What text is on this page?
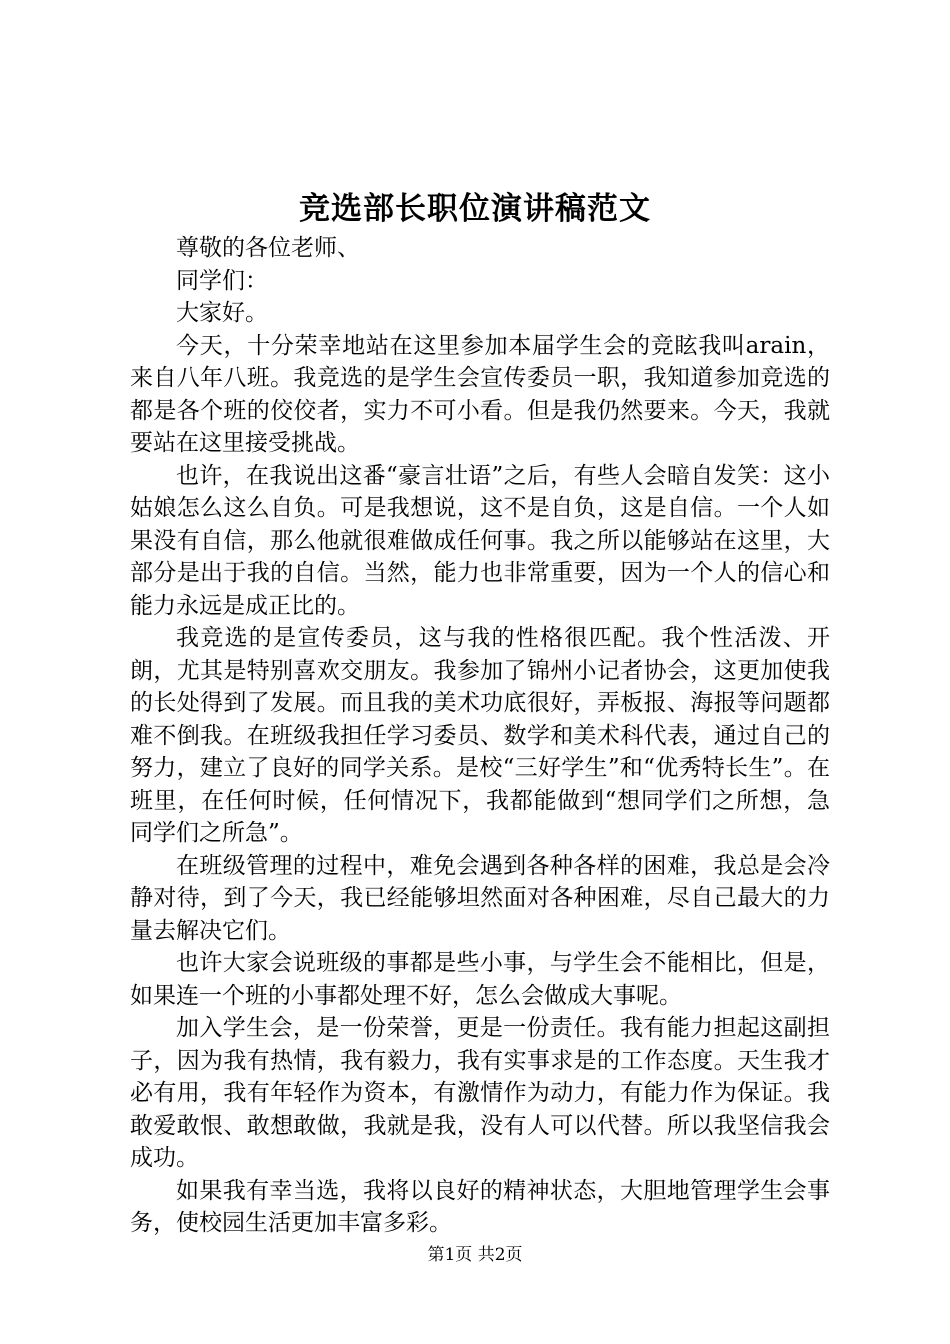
竞选部长职位演讲稿范文

尊敬的各位老师、

同学们：

大家好。

今天，十分荣幸地站在这里参加本届学生会的竞眩我叫arain，来自八年八班。我竞选的是学生会宣传委员一职，我知道参加竞选的都是各个班的佼佼者，实力不可小看。但是我仍然要来。今天，我就要站在这里接受挑战。

也许，在我说出这番“豪言壮语”之后，有些人会暗自发笑：这小姑娘怎么这么自负。可是我想说，这不是自负，这是自信。一个人如果没有自信，那么他就很难做成任何事。我之所以能够站在这里，大部分是出于我的自信。当然，能力也非常重要，因为一个人的信心和能力永远是成正比的。

我竞选的是宣传委员，这与我的性格很匹配。我个性活泼、开朗，尤其是特别喜欢交朋友。我参加了锦州小记者协会，这更加使我的长处得到了发展。而且我的美术功底很好，弄板报、海报等问题都难不倒我。在班级我担任学习委员、数学和美术科代表，通过自己的努力，建立了良好的同学关系。是校“三好学生”和“优秀特长生”。在班里，在任何时候，任何情况下，我都能做到“想同学们之所想，急同学们之所急”。

在班级管理的过程中，难免会遇到各种各样的困难，我总是会冷静对待，到了今天，我已经能够坦然面对各种困难，尽自己最大的力量去解决它们。

也许大家会说班级的事都是些小事，与学生会不能相比，但是，如果连一个班的小事都处理不好，怎么会做成大事呢。

加入学生会，是一份荣誉，更是一份责任。我有能力担起这副担子，因为我有热情，我有毅力，我有实事求是的工作态度。天生我才必有用，我有年轻作为资本，有激情作为动力，有能力作为保证。我敢爱敢恨、敢想敢做，我就是我，没有人可以代替。所以我坚信我会成功。

如果我有幸当选，我将以良好的精神状态，大胆地管理学生会事务，使校园生活更加丰富多彩。

第1页 共2页
